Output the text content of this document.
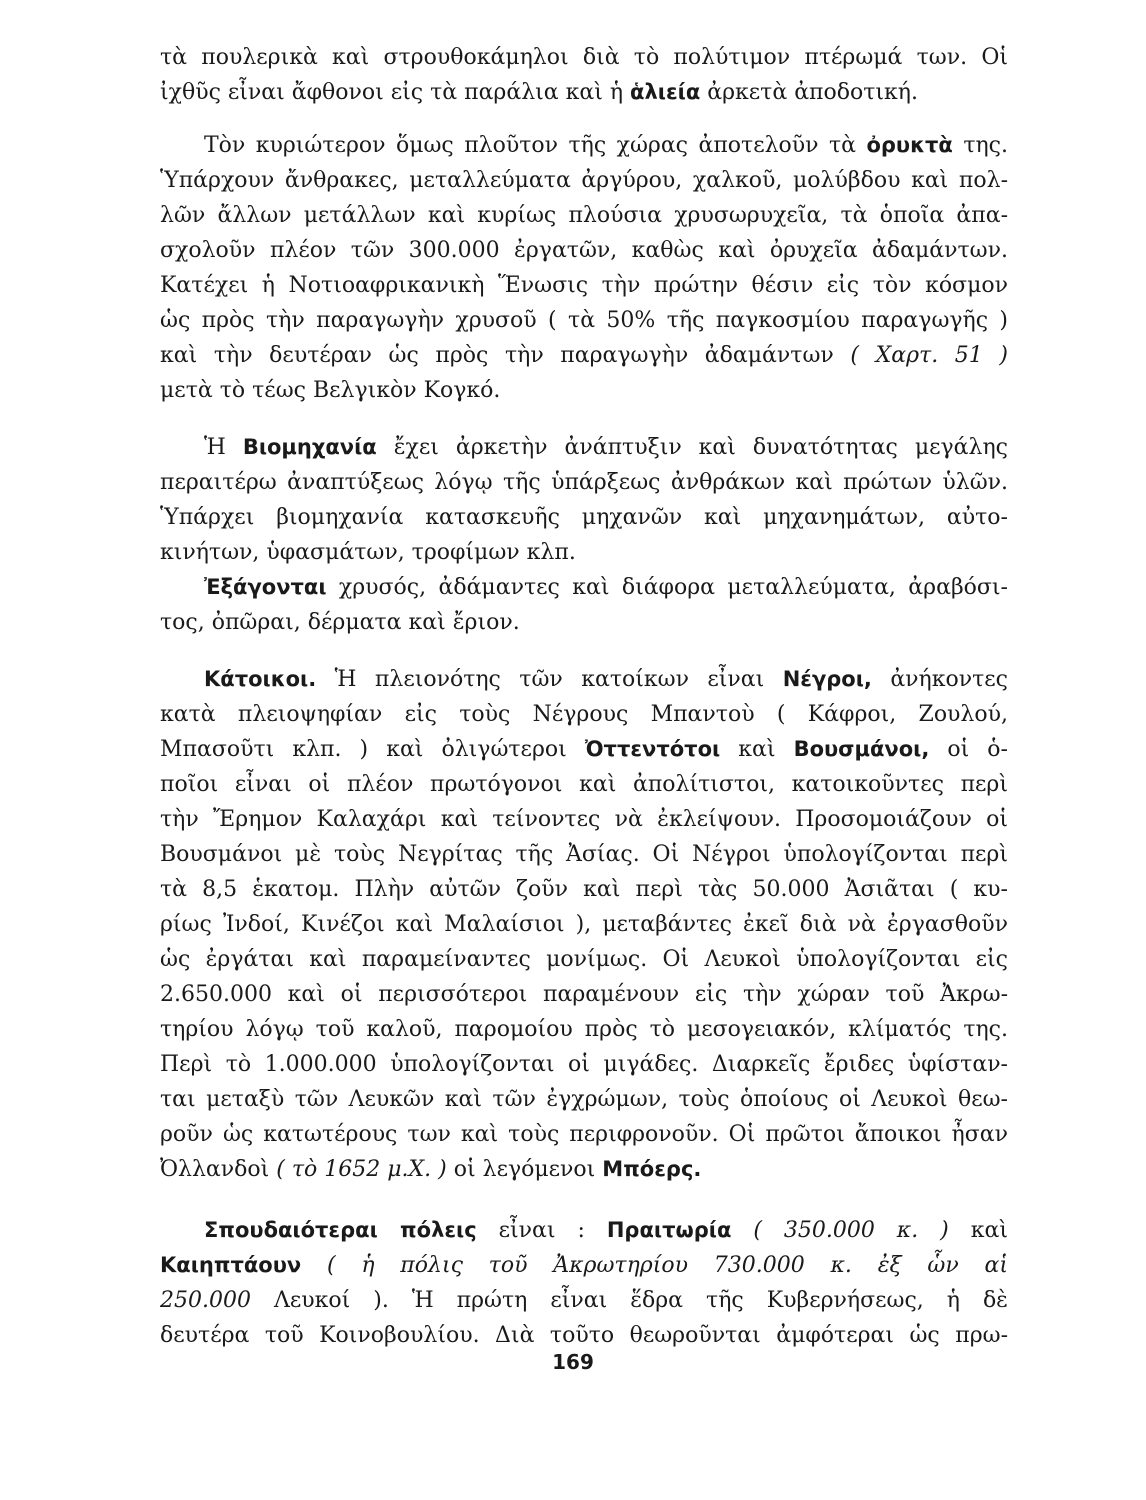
τὰ πουλερικὰ καὶ στρουθοκάμηλοι διὰ τὸ πολύτιμον πτέρωμά των. Οἱ
ἰχθῦς εἶναι ἄφθονοι εἰς τὰ παράλια καὶ ἡ ἁλιεία ἀρκετὰ ἀποδοτική.
Τὸν κυριώτερον ὅμως πλοῦτον τῆς χώρας ἀποτελοῦν τὰ ὀρυκτὰ της.
Ὑπάρχουν ἄνθρακες, μεταλλεύματα ἀργύρου, χαλκοῦ, μολύβδου καὶ πολ-
λῶν ἄλλων μετάλλων καὶ κυρίως πλούσια χρυσωρυχεῖα, τὰ ὁποῖα ἀπα-
σχολοῦν πλέον τῶν 300.000 ἐργατῶν, καθὼς καὶ ὀρυχεῖα ἀδαμάντων.
Κατέχει ἡ Νοτιοαφρικανικὴ Ἕνωσις τὴν πρώτην θέσιν εἰς τὸν κόσμον
ὡς πρὸς τὴν παραγωγὴν χρυσοῦ ( τὰ 50% τῆς παγκοσμίου παραγωγῆς )
καὶ τὴν δευτέραν ὡς πρὸς τὴν παραγωγὴν ἀδαμάντων ( Χαρτ. 51 )
μετὰ τὸ τέως Βελγικὸν Κογκό.
Ἡ Βιομηχανία ἔχει ἀρκετὴν ἀνάπτυξιν καὶ δυνατότητας μεγάλης
περαιτέρω ἀναπτύξεως λόγῳ τῆς ὑπάρξεως ἀνθράκων καὶ πρώτων ὑλῶν.
Ὑπάρχει βιομηχανία κατασκευῆς μηχανῶν καὶ μηχανημάτων, αὐτο-
κινήτων, ὑφασμάτων, τροφίμων κλπ.
Ἐξάγονται χρυσός, ἀδάμαντες καὶ διάφορα μεταλλεύματα, ἀραβόσι-
τος, ὀπῶραι, δέρματα καὶ ἔριον.
Κάτοικοι. Ἡ πλειονότης τῶν κατοίκων εἶναι Νέγροι, ἀνήκοντες
κατὰ πλειοψηφίαν εἰς τοὺς Νέγρους Μπαντοὺ ( Κάφροι, Ζουλού,
Μπασοῦτι κλπ. ) καὶ ὀλιγώτεροι Ὀττεντότοι καὶ Βουσμάνοι, οἱ ὁ-
ποῖοι εἶναι οἱ πλέον πρωτόγονοι καὶ ἀπολίτιστοι, κατοικοῦντες περὶ
τὴν Ἔρημον Καλαχάρι καὶ τείνοντες νὰ ἐκλείψουν. Προσομοιάζουν οἱ
Βουσμάνοι μὲ τοὺς Νεγρίτας τῆς Ἀσίας. Οἱ Νέγροι ὑπολογίζονται περὶ
τὰ 8,5 ἑκατομ. Πλὴν αὐτῶν ζοῦν καὶ περὶ τὰς 50.000 Ἀσιᾶται ( κυ-
ρίως Ἰνδοί, Κινέζοι καὶ Μαλαίσιοι ), μεταβάντες ἐκεῖ διὰ νὰ ἐργασθοῦν
ὡς ἐργάται καὶ παραμείναντες μονίμως. Οἱ Λευκοὶ ὑπολογίζονται εἰς
2.650.000 καὶ οἱ περισσότεροι παραμένουν εἰς τὴν χώραν τοῦ Ἀκρω-
τηρίου λόγῳ τοῦ καλοῦ, παρομοίου πρὸς τὸ μεσογειακόν, κλίματός της.
Περὶ τὸ 1.000.000 ὑπολογίζονται οἱ μιγάδες. Διαρκεῖς ἔριδες ὑφίσταν-
ται μεταξὺ τῶν Λευκῶν καὶ τῶν ἐγχρώμων, τοὺς ὁποίους οἱ Λευκοὶ θεω-
ροῦν ὡς κατωτέρους των καὶ τοὺς περιφρονοῦν. Οἱ πρῶτοι ἄποικοι ἦσαν
Ὀλλανδοὶ ( τὸ 1652 μ.Χ. ) οἱ λεγόμενοι Μπόερς.
Σπουδαιότεραι πόλεις εἶναι : Πραιτωρία ( 350.000 κ. ) καὶ
Καιηπτάουν ( ἡ πόλις τοῦ Ἀκρωτηρίου 730.000 κ. ἐξ ὧν αἱ
250.000 Λευκοί ). Ἡ πρώτη εἶναι ἕδρα τῆς Κυβερνήσεως, ἡ δὲ
δευτέρα τοῦ Κοινοβουλίου. Διὰ τοῦτο θεωροῦνται ἀμφότεραι ὡς πρω-
169
